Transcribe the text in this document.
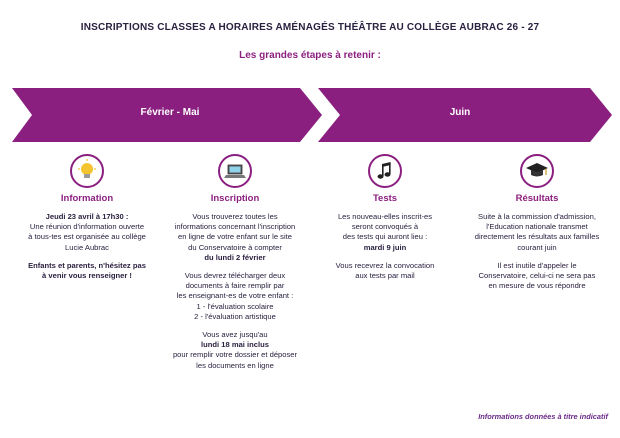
INSCRIPTIONS CLASSES A HORAIRES AMÉNAGÉS THÉÂTRE AU COLLÈGE AUBRAC 26 - 27
Les grandes étapes à retenir :
Février - Mai	Juin
Information

Jeudi 23 avril à 17h30 :
Une réunion d'information ouverte
à tous-tes est organisée au collège
Lucie Aubrac

Enfants et parents, n'hésitez pas
à venir vous renseigner !

Inscription

Vous trouverez toutes les
informations concernant l'inscription
en ligne de votre enfant sur le site
du Conservatoire à compter
du lundi 2 février

Vous devrez télécharger deux
documents à faire remplir par
les enseignant-es de votre enfant :
1 - l'évaluation scolaire
2 - l'évaluation artistique

Vous avez jusqu'au
lundi 18 mai inclus
pour remplir votre dossier et déposer
les documents en ligne

Tests

Les nouveau-elles inscrit-es
seront convoqués à
des tests qui auront lieu :
mardi 9 juin

Vous recevrez la convocation
aux tests par mail

Résultats

Suite à la commission d'admission,
l'Education nationale transmet
directement les résultats aux familles
courant juin

Il est inutile d'appeler le
Conservatoire, celui-ci ne sera pas
en mesure de vous répondre

Informations données à titre indicatif
